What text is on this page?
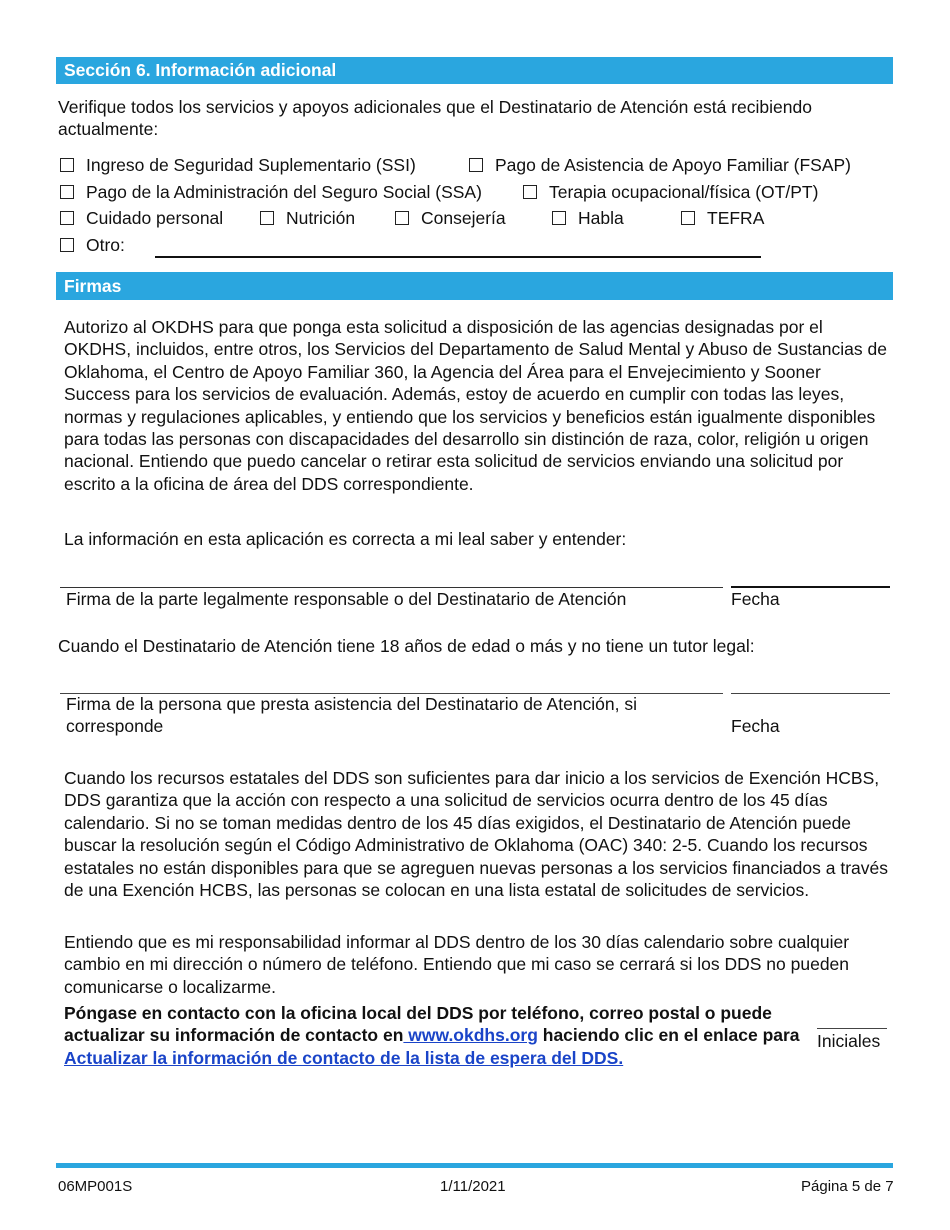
Sección 6. Información adicional
Verifique todos los servicios y apoyos adicionales que el Destinatario de Atención está recibiendo actualmente:
Ingreso de Seguridad Suplementario (SSI)	Pago de Asistencia de Apoyo Familiar (FSAP)
Pago de la Administración del Seguro Social (SSA)	Terapia ocupacional/física (OT/PT)
Cuidado personal	Nutrición	Consejería	Habla	TEFRA
Otro:
Firmas
Autorizo al OKDHS para que ponga esta solicitud a disposición de las agencias designadas por el OKDHS, incluidos, entre otros, los Servicios del Departamento de Salud Mental y Abuso de Sustancias de Oklahoma, el Centro de Apoyo Familiar 360, la Agencia del Área para el Envejecimiento y Sooner Success para los servicios de evaluación. Además, estoy de acuerdo en cumplir con todas las leyes, normas y regulaciones aplicables, y entiendo que los servicios y beneficios están igualmente disponibles para todas las personas con discapacidades del desarrollo sin distinción de raza, color, religión u origen nacional. Entiendo que puedo cancelar o retirar esta solicitud de servicios enviando una solicitud por escrito a la oficina de área del DDS correspondiente.
La información en esta aplicación es correcta a mi leal saber y entender:
Firma de la parte legalmente responsable o del Destinatario de Atención	Fecha
Cuando el Destinatario de Atención tiene 18 años de edad o más y no tiene un tutor legal:
Firma de la persona que presta asistencia del Destinatario de Atención, si corresponde	Fecha
Cuando los recursos estatales del DDS son suficientes para dar inicio a los servicios de Exención HCBS, DDS garantiza que la acción con respecto a una solicitud de servicios ocurra dentro de los 45 días calendario. Si no se toman medidas dentro de los 45 días exigidos, el Destinatario de Atención puede buscar la resolución según el Código Administrativo de Oklahoma (OAC) 340: 2-5. Cuando los recursos estatales no están disponibles para que se agreguen nuevas personas a los servicios financiados a través de una Exención HCBS, las personas se colocan en una lista estatal de solicitudes de servicios.
Entiendo que es mi responsabilidad informar al DDS dentro de los 30 días calendario sobre cualquier cambio en mi dirección o número de teléfono. Entiendo que mi caso se cerrará si los DDS no pueden comunicarse o localizarme.
Póngase en contacto con la oficina local del DDS por teléfono, correo postal o puede actualizar su información de contacto en www.okdhs.org haciendo clic en el enlace para Actualizar la información de contacto de la lista de espera del DDS.
Iniciales
06MP001S	1/11/2021	Página 5 de 7
